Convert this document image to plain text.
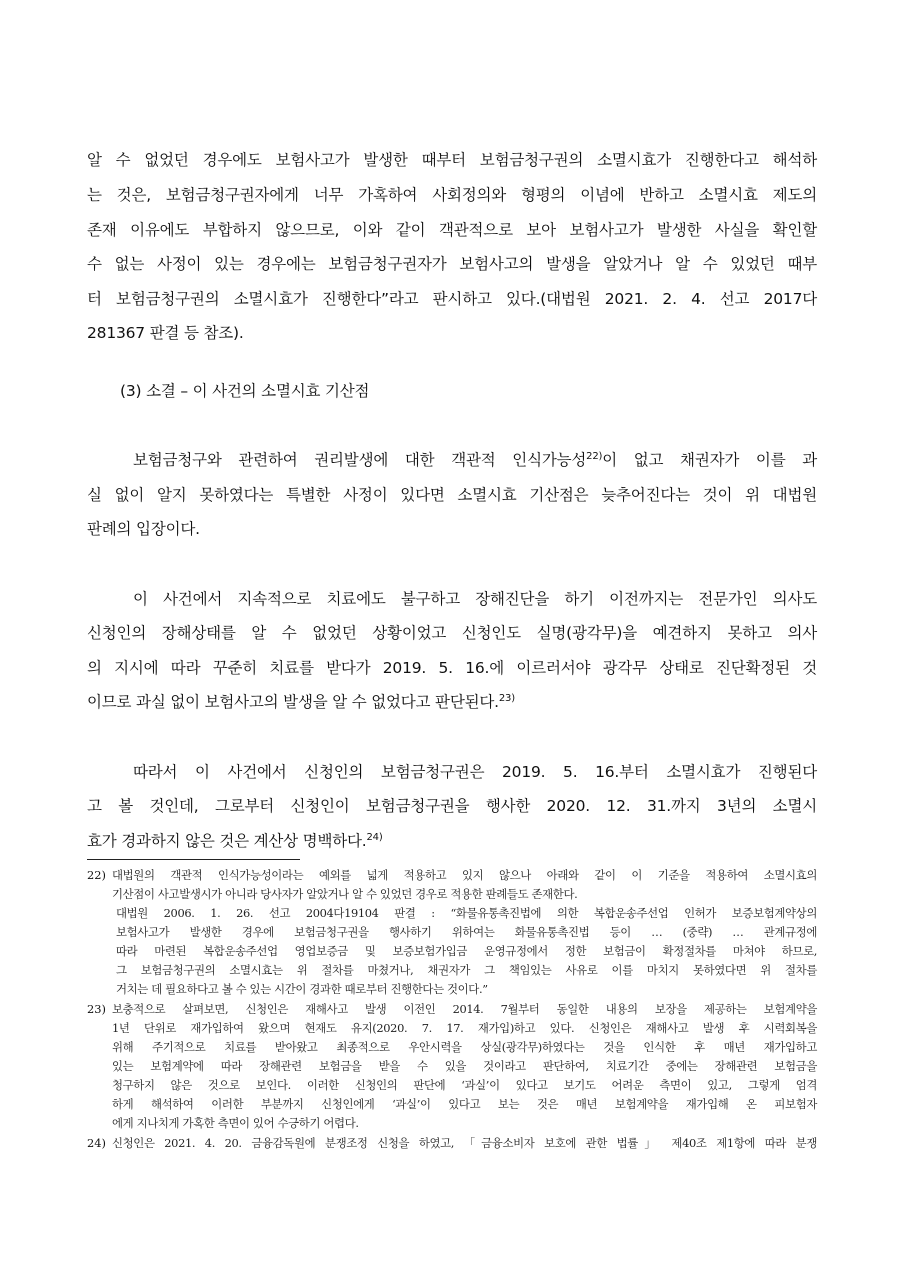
알 수 없었던 경우에도 보험사고가 발생한 때부터 보험금청구권의 소멸시효가 진행한다고 해석하
는 것은, 보험금청구권자에게 너무 가혹하여 사회정의와 형평의 이념에 반하고 소멸시효 제도의
존재 이유에도 부합하지 않으므로, 이와 같이 객관적으로 보아 보험사고가 발생한 사실을 확인할
수 없는 사정이 있는 경우에는 보험금청구권자가 보험사고의 발생을 알았거나 알 수 있었던 때부
터 보험금청구권의 소멸시효가 진행한다”라고 판시하고 있다.(대법원 2021. 2. 4. 선고 2017다
281367 판결 등 참조).
(3) 소결 – 이 사건의 소멸시효 기산점
보험금청구와 관련하여 권리발생에 대한 객관적 인식가능성$^{22)}$이 없고 채권자가 이를 과
실 없이 알지 못하였다는 특별한 사정이 있다면 소멸시효 기산점은 늦추어진다는 것이 위 대법원
판례의 입장이다.
이 사건에서 지속적으로 치료에도 불구하고 장해진단을 하기 이전까지는 전문가인 의사도
신청인의 장해상태를 알 수 없었던 상황이었고 신청인도 실명(광각무)을 예견하지 못하고 의사
의 지시에 따라 꾸준히 치료를 받다가 2019. 5. 16.에 이르러서야 광각무 상태로 진단확정된 것
이므로 과실 없이 보험사고의 발생을 알 수 없었다고 판단된다.$^{23)}$
따라서 이 사건에서 신청인의 보험금청구권은 2019. 5. 16.부터 소멸시효가 진행된다
고 볼 것인데, 그로부터 신청인이 보험금청구권을 행사한 2020. 12. 31.까지 3년의 소멸시
효가 경과하지 않은 것은 계산상 명백하다.$^{24)}$
22) 대법원의 객관적 인식가능성이라는 예외를 넓게 적용하고 있지 않으나 아래와 같이 이 기준을 적용하여 소멸시효의
기산점이 사고발생시가 아니라 당사자가 알았거나 알 수 있었던 경우로 적용한 판례들도 존재한다.
대법원 2006. 1. 26. 선고 2004다19104 판결 : “화물유통촉진법에 의한 복합운송주선업 인허가 보증보험계약상의
보험사고가 발생한 경우에 보험금청구권을 행사하기 위하여는 화물유통촉진법 등이 … (중략) … 관계규정에
따라 마련된 복합운송주선업 영업보증금 및 보증보험가입금 운영규정에서 정한 보험금이 확정절차를 마쳐야 하므로,
그 보험금청구권의 소멸시효는 위 절차를 마쳤거나, 채권자가 그 책임있는 사유로 이를 마치지 못하였다면 위 절차를
거치는 데 필요하다고 볼 수 있는 시간이 경과한 때로부터 진행한다는 것이다.”
23) 보충적으로 살펴보면, 신청인은 재해사고 발생 이전인 2014. 7월부터 동일한 내용의 보장을 제공하는 보험계약을
1년 단위로 재가입하여 왔으며 현재도 유지(2020. 7. 17. 재가입)하고 있다. 신청인은 재해사고 발생 후 시력회복을
위해 주기적으로 치료를 받아왔고 최종적으로 우안시력을 상실(광각무)하였다는 것을 인식한 후 매년 재가입하고
있는 보험계약에 따라 장해관련 보험금을 받을 수 있을 것이라고 판단하여, 치료기간 중에는 장해관련 보험금을
청구하지 않은 것으로 보인다. 이러한 신청인의 판단에 ‘과실’이 있다고 보기도 어려운 측면이 있고, 그렇게 엄격
하게 해석하여 이러한 부분까지 신청인에게 ‘과실’이 있다고 보는 것은 매년 보험계약을 재가입해 온 피보험자
에게 지나치게 가혹한 측면이 있어 수긍하기 어렵다.
24) 신청인은 2021. 4. 20. 금융감독원에 분쟁조정 신청을 하였고, 「금융소비자 보호에 관한 법률」 제40조 제1항에 따라 분쟁
